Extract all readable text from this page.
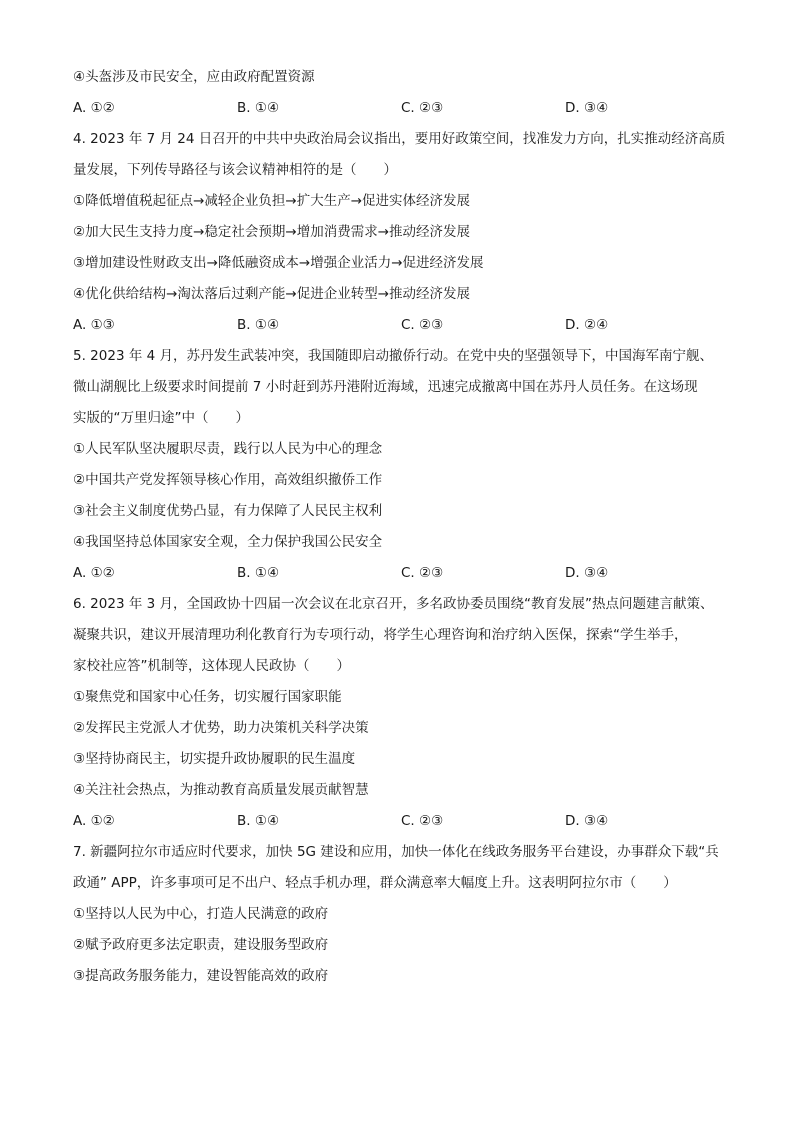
④头盔涉及市民安全，应由政府配置资源
A. ①②	B. ①④	C. ②③	D. ③④
4. 2023 年 7 月 24 日召开的中共中央政治局会议指出，要用好政策空间，找准发力方向，扎实推动经济高质
量发展，下列传导路径与该会议精神相符的是（　　）
①降低增值税起征点→减轻企业负担→扩大生产→促进实体经济发展
②加大民生支持力度→稳定社会预期→增加消费需求→推动经济发展
③增加建设性财政支出→降低融资成本→增强企业活力→促进经济发展
④优化供给结构→淘汰落后过剩产能→促进企业转型→推动经济发展
A. ①③	B. ①④	C. ②③	D. ②④
5. 2023 年 4 月，苏丹发生武装冲突，我国随即启动撤侨行动。在党中央的坚强领导下，中国海军南宁舰、
微山湖舰比上级要求时间提前 7 小时赶到苏丹港附近海域，迅速完成撤离中国在苏丹人员任务。在这场现
实版的“万里归途”中（　　）
①人民军队坚决履职尽责，践行以人民为中心的理念
②中国共产党发挥领导核心作用，高效组织撤侨工作
③社会主义制度优势凸显，有力保障了人民民主权利
④我国坚持总体国家安全观，全力保护我国公民安全
A. ①②	B. ①④	C. ②③	D. ③④
6. 2023 年 3 月，全国政协十四届一次会议在北京召开，多名政协委员围绕“教育发展”热点问题建言献策、
凝聚共识，建议开展清理功利化教育行为专项行动，将学生心理咨询和治疗纳入医保，探索“学生举手，
家校社应答”机制等，这体现人民政协（　　）
①聚焦党和国家中心任务，切实履行国家职能
②发挥民主党派人才优势，助力决策机关科学决策
③坚持协商民主，切实提升政协履职的民生温度
④关注社会热点，为推动教育高质量发展贡献智慧
A. ①②	B. ①④	C. ②③	D. ③④
7. 新疆阿拉尔市适应时代要求，加快 5G 建设和应用，加快一体化在线政务服务平台建设，办事群众下载“兵
政通” APP，许多事项可足不出户、轻点手机办理，群众满意率大幅度上升。这表明阿拉尔市（　　）
①坚持以人民为中心，打造人民满意的政府
②赋予政府更多法定职责，建设服务型政府
③提高政务服务能力，建设智能高效的政府
